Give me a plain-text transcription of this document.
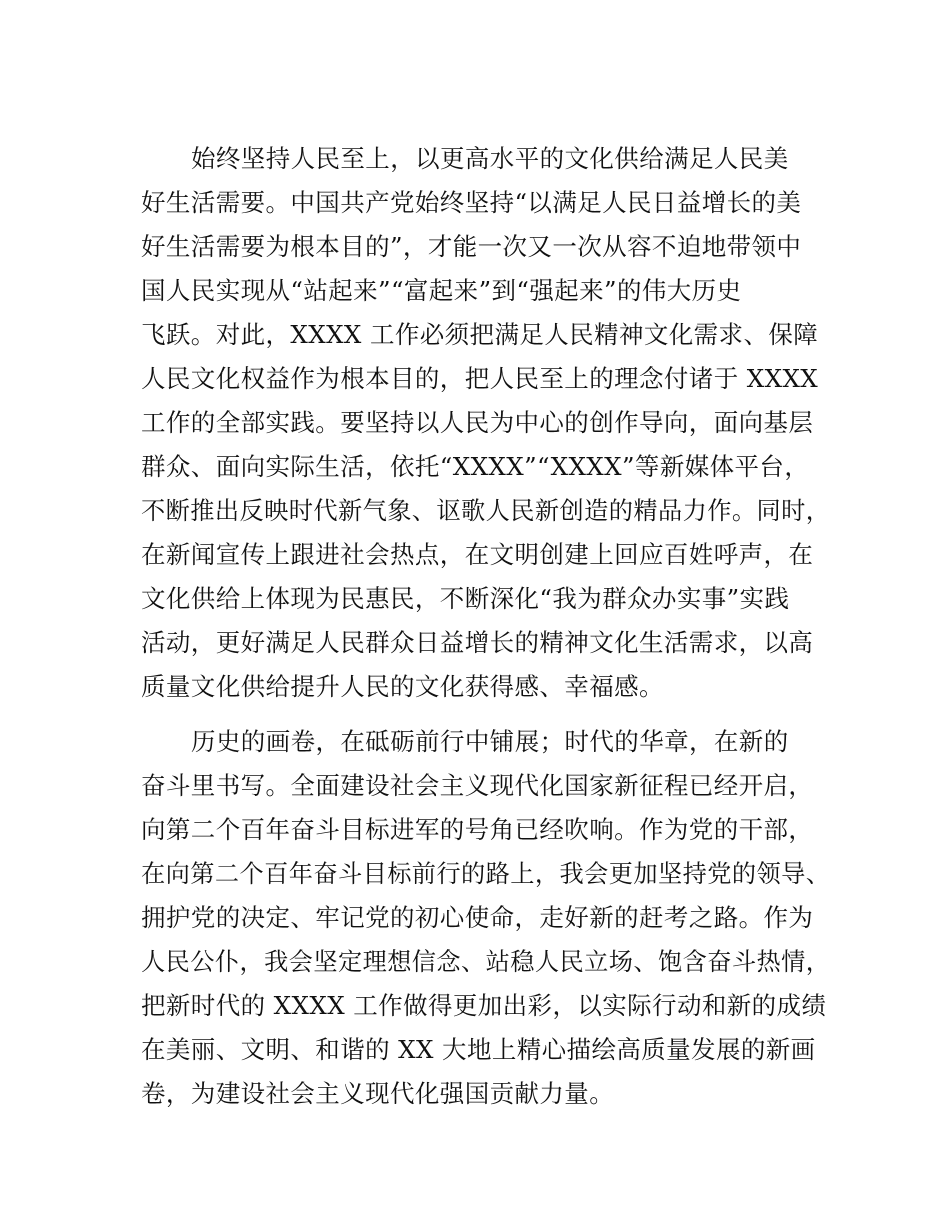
始终坚持人民至上，以更高水平的文化供给满足人民美

好生活需要。中国共产党始终坚持“以满足人民日益增长的美

好生活需要为根本目的”，才能一次又一次从容不迫地带领中

国人民实现从“站起来”“富起来”到“强起来”的伟大历史

飞跃。对此，XXXX 工作必须把满足人民精神文化需求、保障

人民文化权益作为根本目的，把人民至上的理念付诸于 XXXX

工作的全部实践。要坚持以人民为中心的创作导向，面向基层

群众、面向实际生活，依托“XXXX”“XXXX”等新媒体平台，

不断推出反映时代新气象、讴歌人民新创造的精品力作。同时，

在新闻宣传上跟进社会热点，在文明创建上回应百姓呼声，在

文化供给上体现为民惠民，不断深化“我为群众办实事”实践

活动，更好满足人民群众日益增长的精神文化生活需求，以高

质量文化供给提升人民的文化获得感、幸福感。

历史的画卷，在砥砺前行中铺展；时代的华章，在新的

奋斗里书写。全面建设社会主义现代化国家新征程已经开启，

向第二个百年奋斗目标进军的号角已经吹响。作为党的干部，

在向第二个百年奋斗目标前行的路上，我会更加坚持党的领导、

拥护党的决定、牢记党的初心使命，走好新的赶考之路。作为

人民公仆，我会坚定理想信念、站稳人民立场、饱含奋斗热情，

把新时代的 XXXX 工作做得更加出彩，以实际行动和新的成绩

在美丽、文明、和谐的 XX 大地上精心描绘高质量发展的新画

卷，为建设社会主义现代化强国贡献力量。
